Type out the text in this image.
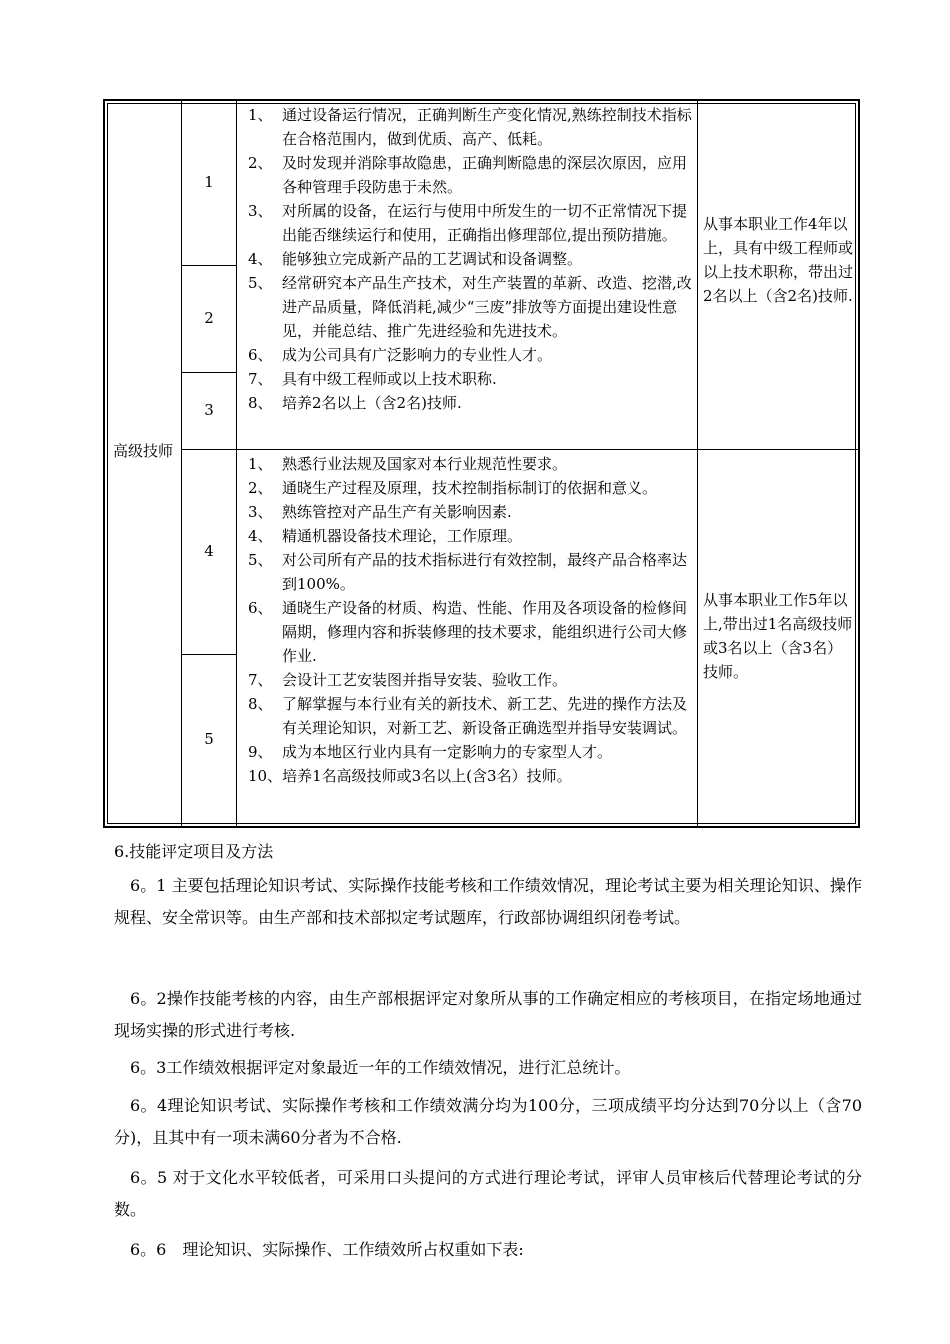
高级技师
1
2
3
4
5
1、 通过设备运行情况，正确判断生产变化情况,熟练控制技术指标在合格范围内，做到优质、高产、低耗。
2、 及时发现并消除事故隐患，正确判断隐患的深层次原因，应用各种管理手段防患于未然。
3、 对所属的设备，在运行与使用中所发生的一切不正常情况下提出能否继续运行和使用，正确指出修理部位,提出预防措施。
4、 能够独立完成新产品的工艺调试和设备调整。
5、 经常研究本产品生产技术，对生产装置的革新、改造、挖潜,改进产品质量，降低消耗,减少“三废”排放等方面提出建设性意见，并能总结、推广先进经验和先进技术。
6、 成为公司具有广泛影响力的专业性人才。
7、 具有中级工程师或以上技术职称.
8、 培养2名以上（含2名)技师.
1、 熟悉行业法规及国家对本行业规范性要求。
2、 通晓生产过程及原理，技术控制指标制订的依据和意义。
3、 熟练管控对产品生产有关影响因素.
4、 精通机器设备技术理论，工作原理。
5、 对公司所有产品的技术指标进行有效控制，最终产品合格率达到100%。
6、 通晓生产设备的材质、构造、性能、作用及各项设备的检修间隔期，修理内容和拆装修理的技术要求，能组织进行公司大修作业.
7、 会设计工艺安装图并指导安装、验收工作。
8、 了解掌握与本行业有关的新技术、新工艺、先进的操作方法及有关理论知识，对新工艺、新设备正确选型并指导安装调试。
9、 成为本地区行业内具有一定影响力的专家型人才。
10、 培养1名高级技师或3名以上(含3名）技师。
从事本职业工作4年以上，具有中级工程师或以上技术职称，带出过2名以上（含2名)技师.
从事本职业工作5年以上,带出过1名高级技师或3名以上（含3名）技师。
6.技能评定项目及方法
6。1 主要包括理论知识考试、实际操作技能考核和工作绩效情况，理论考试主要为相关理论知识、操作规程、安全常识等。由生产部和技术部拟定考试题库，行政部协调组织闭卷考试。
6。2操作技能考核的内容，由生产部根据评定对象所从事的工作确定相应的考核项目，在指定场地通过现场实操的形式进行考核.
6。3工作绩效根据评定对象最近一年的工作绩效情况，进行汇总统计。
6。4理论知识考试、实际操作考核和工作绩效满分均为100分，三项成绩平均分达到70分以上（含70分)，且其中有一项未满60分者为不合格.
6。5 对于文化水平较低者，可采用口头提问的方式进行理论考试，评审人员审核后代替理论考试的分数。
6。6　理论知识、实际操作、工作绩效所占权重如下表:
